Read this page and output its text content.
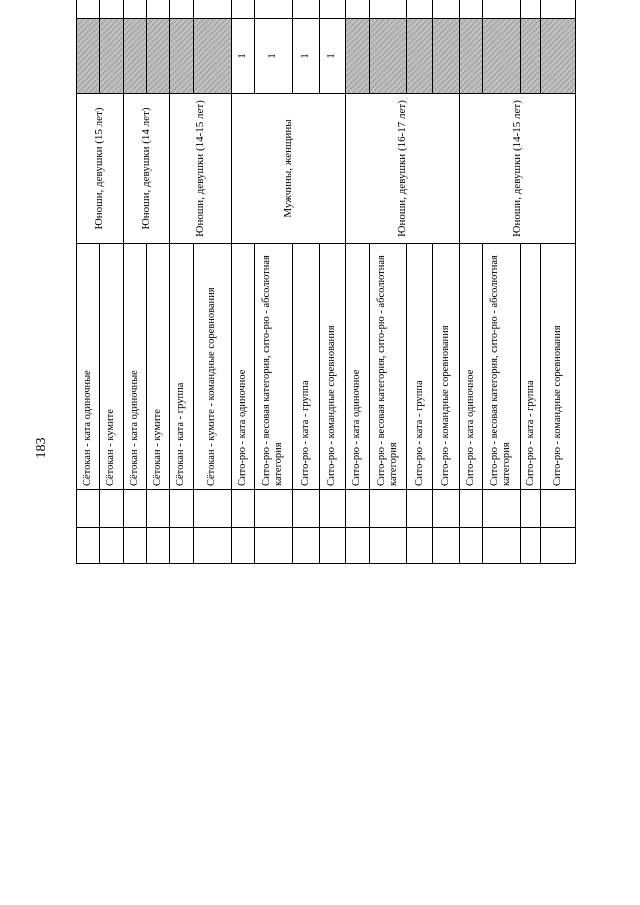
183
			Сётокан - ката одиночные	Юноши, девушки (15 лет)				
		Сётокан - кумите				
		Сётокан - ката одиночные	Юноши, девушки (14 лет)				
		Сётокан - кумите				
		Сётокан - ката - группа	Юноши, девушки (14-15 лет)				
		Сётокан - кумите - командные соревнования				
		Сито-рю - ката одиночное	Мужчины, женщины	1			
		Сито-рю - весовая категория, сито-рю - абсолютная категория		1			
		Сито-рю - ката - группа		1			
		Сито-рю - командные соревнования		1			
		Сито-рю - ката одиночное	Юноши, девушки (16-17 лет)				
		Сито-рю - весовая категория, сито-рю - абсолютная категория				
		Сито-рю - ката - группа				
		Сито-рю - командные соревнования				
		Сито-рю - ката одиночное	Юноши, девушки (14-15 лет)				
		Сито-рю - весовая категория, сито-рю - абсолютная категория				
		Сито-рю - ката - группа				
		Сито-рю - командные соревнования				
